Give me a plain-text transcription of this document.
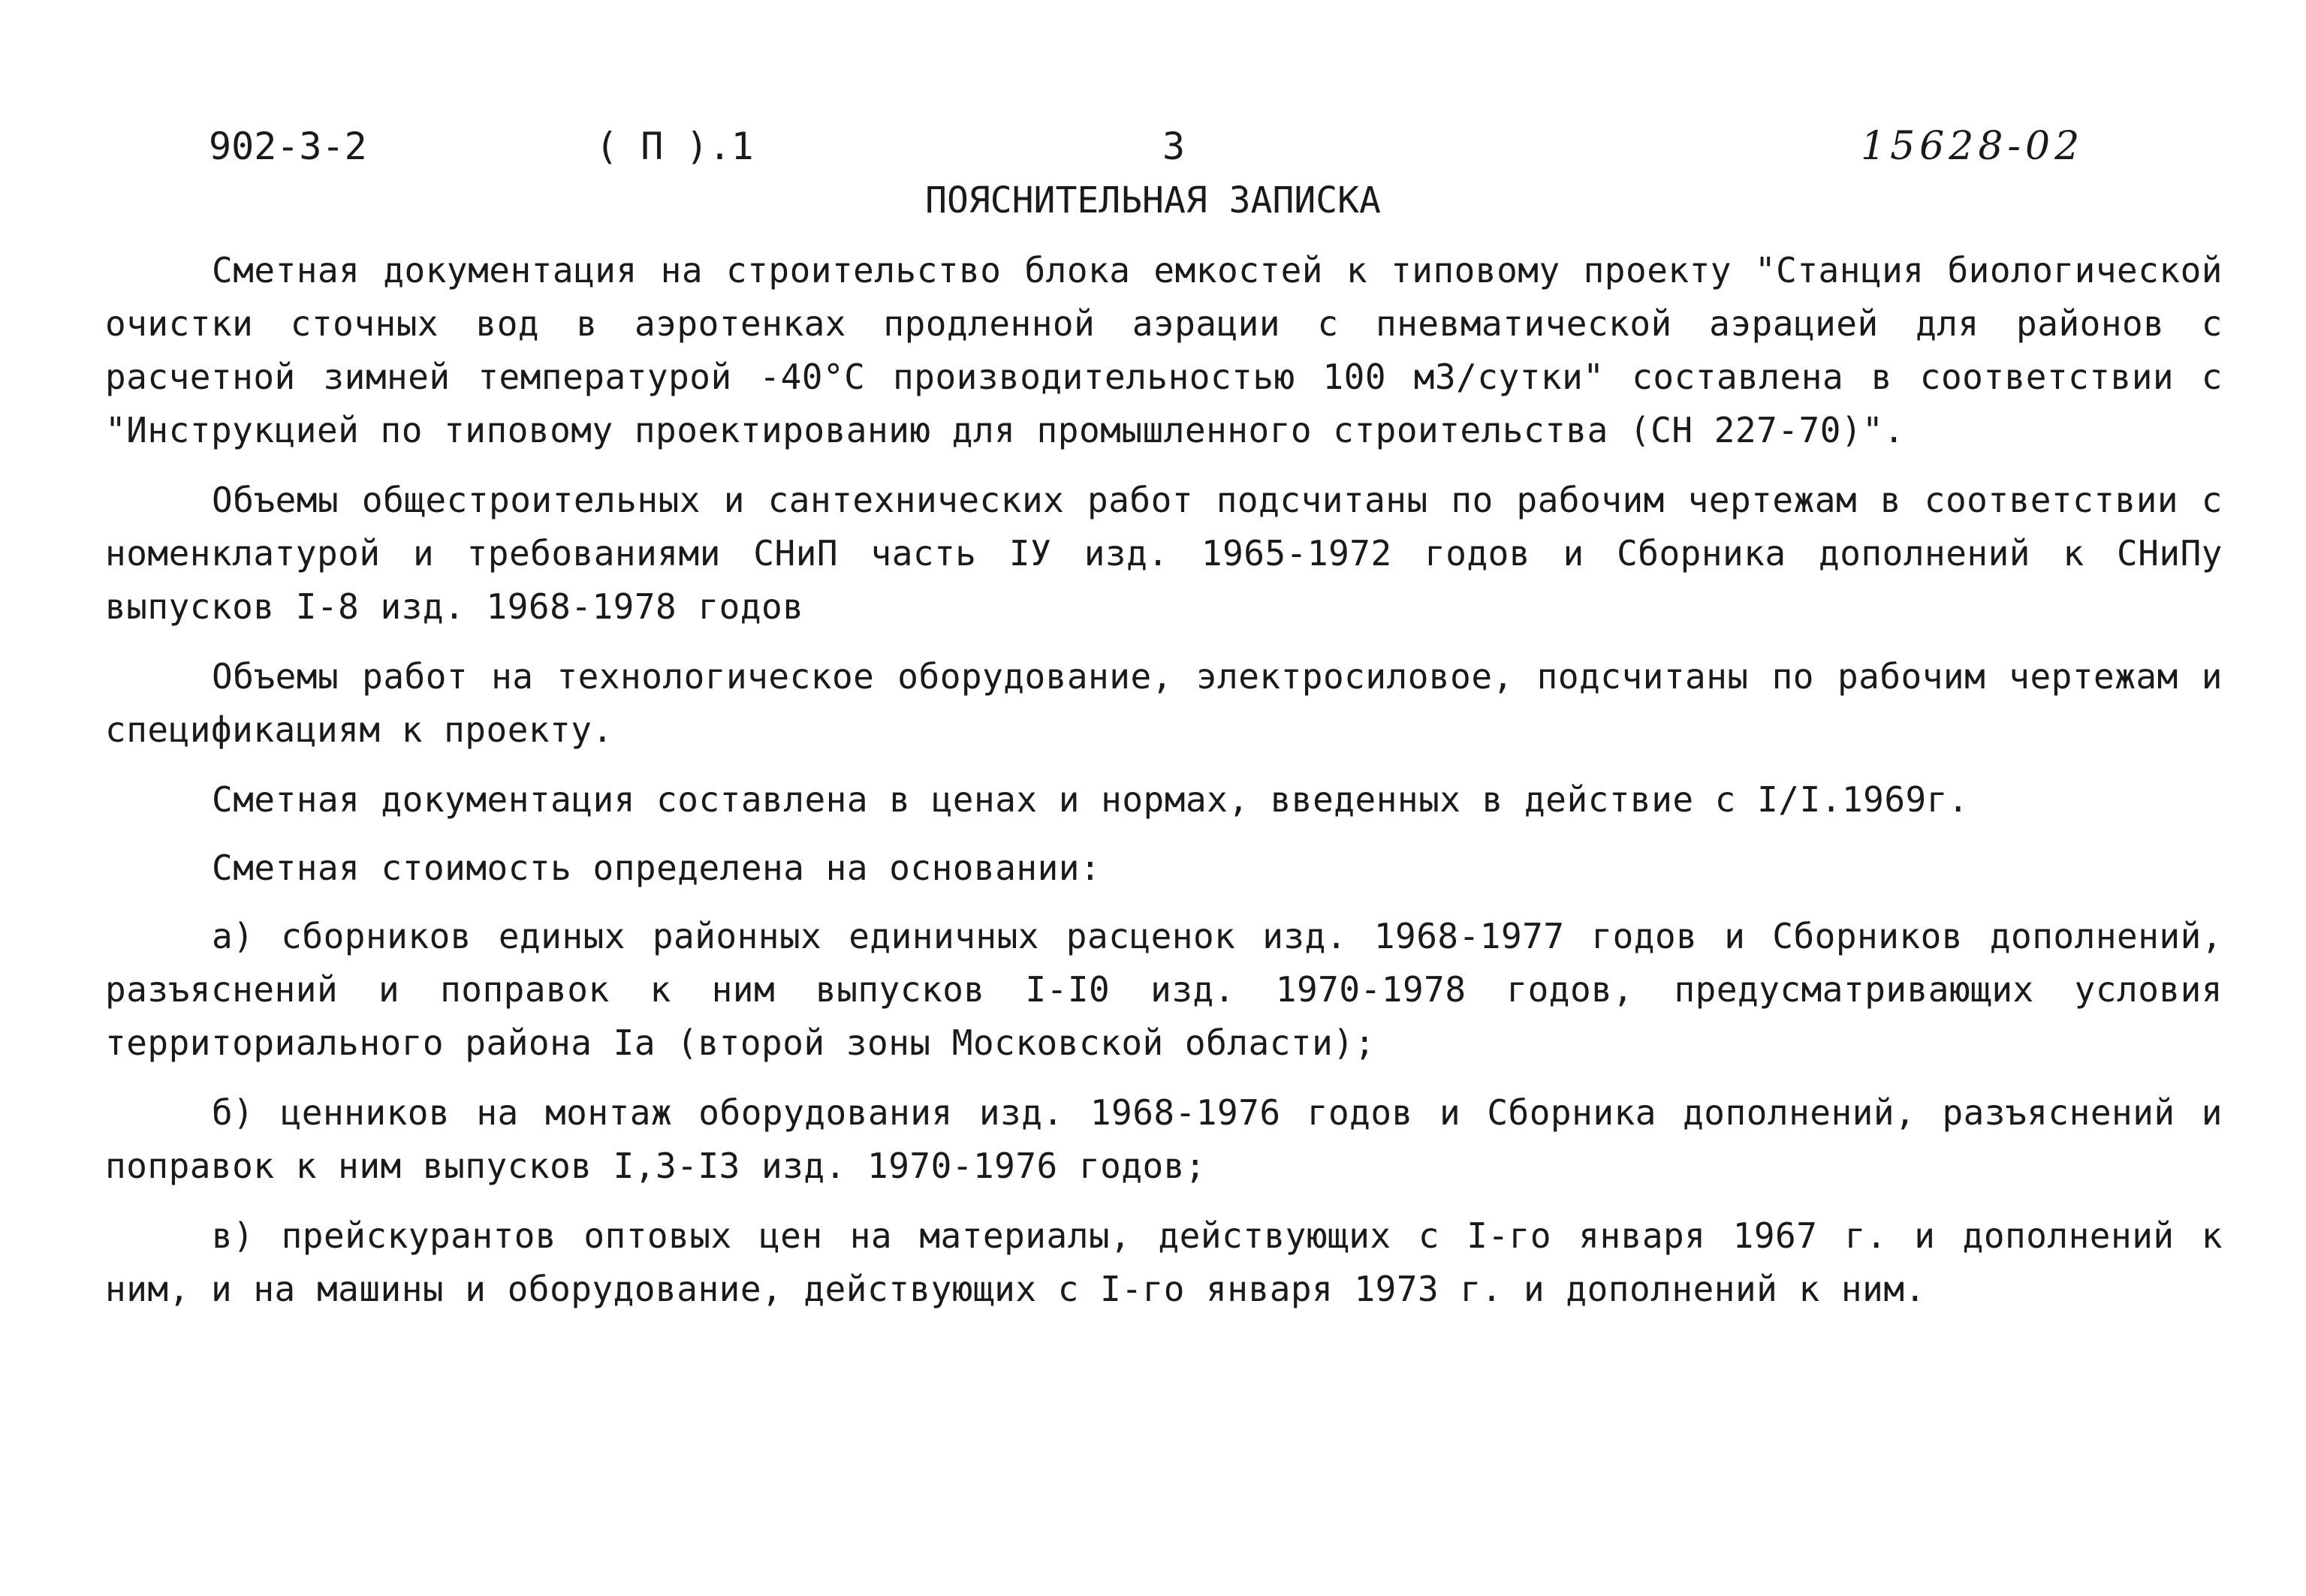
902-3-2	( П ).1	3	15628-02
ПОЯСНИТЕЛЬНАЯ ЗАПИСКА

Сметная документация на строительство блока емкостей к типовому проекту "Станция биологической очистки сточных вод в аэротенках продленной аэрации с пневматической аэрацией для районов с расчетной зимней температурой -40°С производительностью 100 м3/сутки" составлена в соответствии с "Инструкцией по типовому проектированию для промышленного строительства (СН 227-70)".

Объемы общестроительных и сантехнических работ подсчитаны по рабочим чертежам в соответствии с номенклатурой и требованиями СНиП часть IУ изд. 1965-1972 годов и Сборника дополнений к СНиПу выпусков I-8 изд. 1968-1978 годов

Объемы работ на технологическое оборудование, электросиловое, подсчитаны по рабочим чертежам и спецификациям к проекту.

Сметная документация составлена в ценах и нормах, введенных в действие с I/I.1969г.

Сметная стоимость определена на основании:

а) сборников единых районных единичных расценок изд. 1968-1977 годов и Сборников дополнений, разъяснений и поправок к ним выпусков I-I0 изд. 1970-1978 годов, предусматривающих условия территориального района Iа (второй зоны Московской области);

б) ценников на монтаж оборудования изд. 1968-1976 годов и Сборника дополнений, разъяснений и поправок к ним выпусков I,3-I3 изд. 1970-1976 годов;

в) прейскурантов оптовых цен на материалы, действующих с I-го января 1967 г. и дополнений к ним, и на машины и оборудование, действующих с I-го января 1973 г. и дополнений к ним.
